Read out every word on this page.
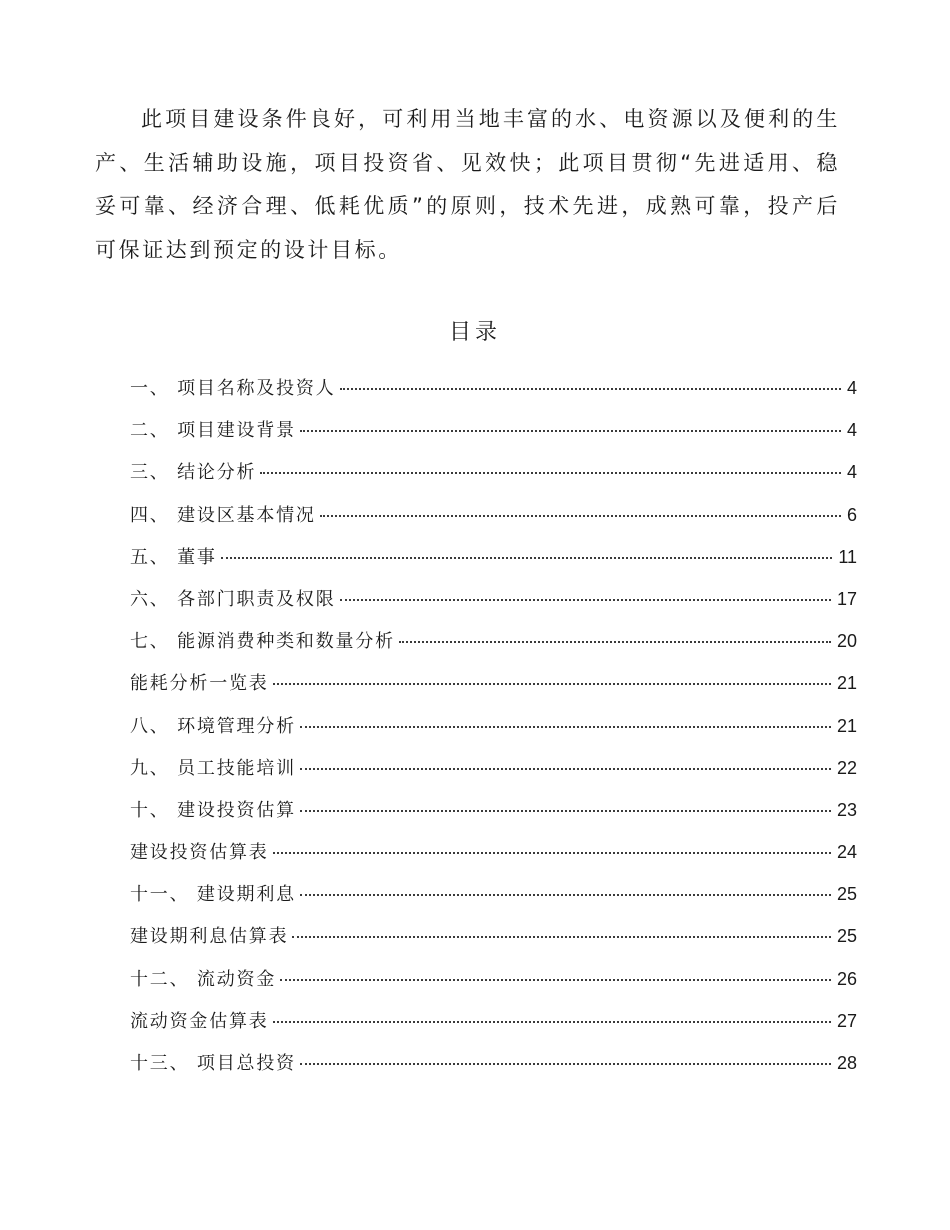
此项目建设条件良好，可利用当地丰富的水、电资源以及便利的生产、生活辅助设施，项目投资省、见效快；此项目贯彻“先进适用、稳妥可靠、经济合理、低耗优质”的原则，技术先进，成熟可靠，投产后可保证达到预定的设计目标。

目录
一、 项目名称及投资人	4
二、 项目建设背景	4
三、 结论分析	4
四、 建设区基本情况	6
五、 董事	11
六、 各部门职责及权限	17
七、 能源消费种类和数量分析	20
能耗分析一览表	21
八、 环境管理分析	21
九、 员工技能培训	22
十、 建设投资估算	23
建设投资估算表	24
十一、 建设期利息	25
建设期利息估算表	25
十二、 流动资金	26
流动资金估算表	27
十三、 项目总投资	28
